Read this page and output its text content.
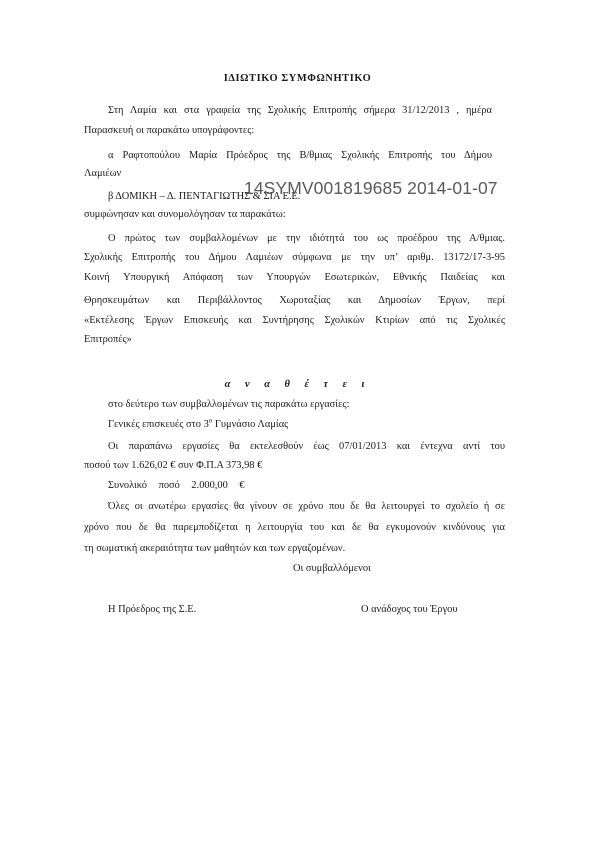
ΙΔΙΩΤΙΚΟ ΣΥΜΦΩΝΗΤΙΚΟ
Στη Λαμία και στα γραφεία της Σχολικής Επιτροπής σήμερα 31/12/2013 , ημέρα
Παρασκευή οι παρακάτω υπογράφοντες:
α Ραφτοπούλου Μαρία Πρόεδρος της Β/θμιας Σχολικής Επιτροπής του Δήμου
Λαμιέων
β ΔΟΜΙΚΗ – Δ. ΠΕΝΤΑΓΙΩΤΗΣ & ΣΙΑ Ε.Ε.
14SYMV001819685 2014-01-07
συμφώνησαν και συνομολόγησαν τα παρακάτω:
Ο πρώτος των συμβαλλομένων με την ιδιότητά του ως προέδρου της Α/θμιας.
Σχολικής Επιτροπής του Δήμου Λαμιέων σύμφωνα με την υπ’ αριθμ. 13172/17-3-95
Κοινή Υπουργική Απόφαση των Υπουργών Εσωτερικών, Εθνικής Παιδείας και
Θρησκευμάτων και Περιβάλλοντος Χωροταξίας και Δημοσίων Έργων, περί
«Εκτέλεσης Έργων Επισκευής και Συντήρησης Σχολικών Κτιρίων από τις Σχολικές
Επιτροπές»
α ν α θ έ τ ε ι
στο δεύτερο των συμβαλλομένων τις παρακάτω εργασίες:
Γενικές επισκευές στο $3^o$ Γυμνάσιο Λαμίας
Οι παραπάνω εργασίες θα εκτελεσθούν έως 07/01/2013 και έντεχνα αντί του
ποσού των 1.626,02 € συν Φ.Π.Α 373,98 €
Συνολικό ποσό 2.000,00 €
Όλες οι ανωτέρω εργασίες θα γίνουν σε χρόνο που δε θα λειτουργεί το σχολείο ή σε
χρόνο που δε θα παρεμποδίζεται η λειτουργία του και δε θα εγκυμονούν κινδύνους για
τη σωματική ακεραιότητα των μαθητών και των εργαζομένων.
Οι συμβαλλόμενοι
Η Πρόεδρος της Σ.Ε.	Ο ανάδοχος του Έργου
